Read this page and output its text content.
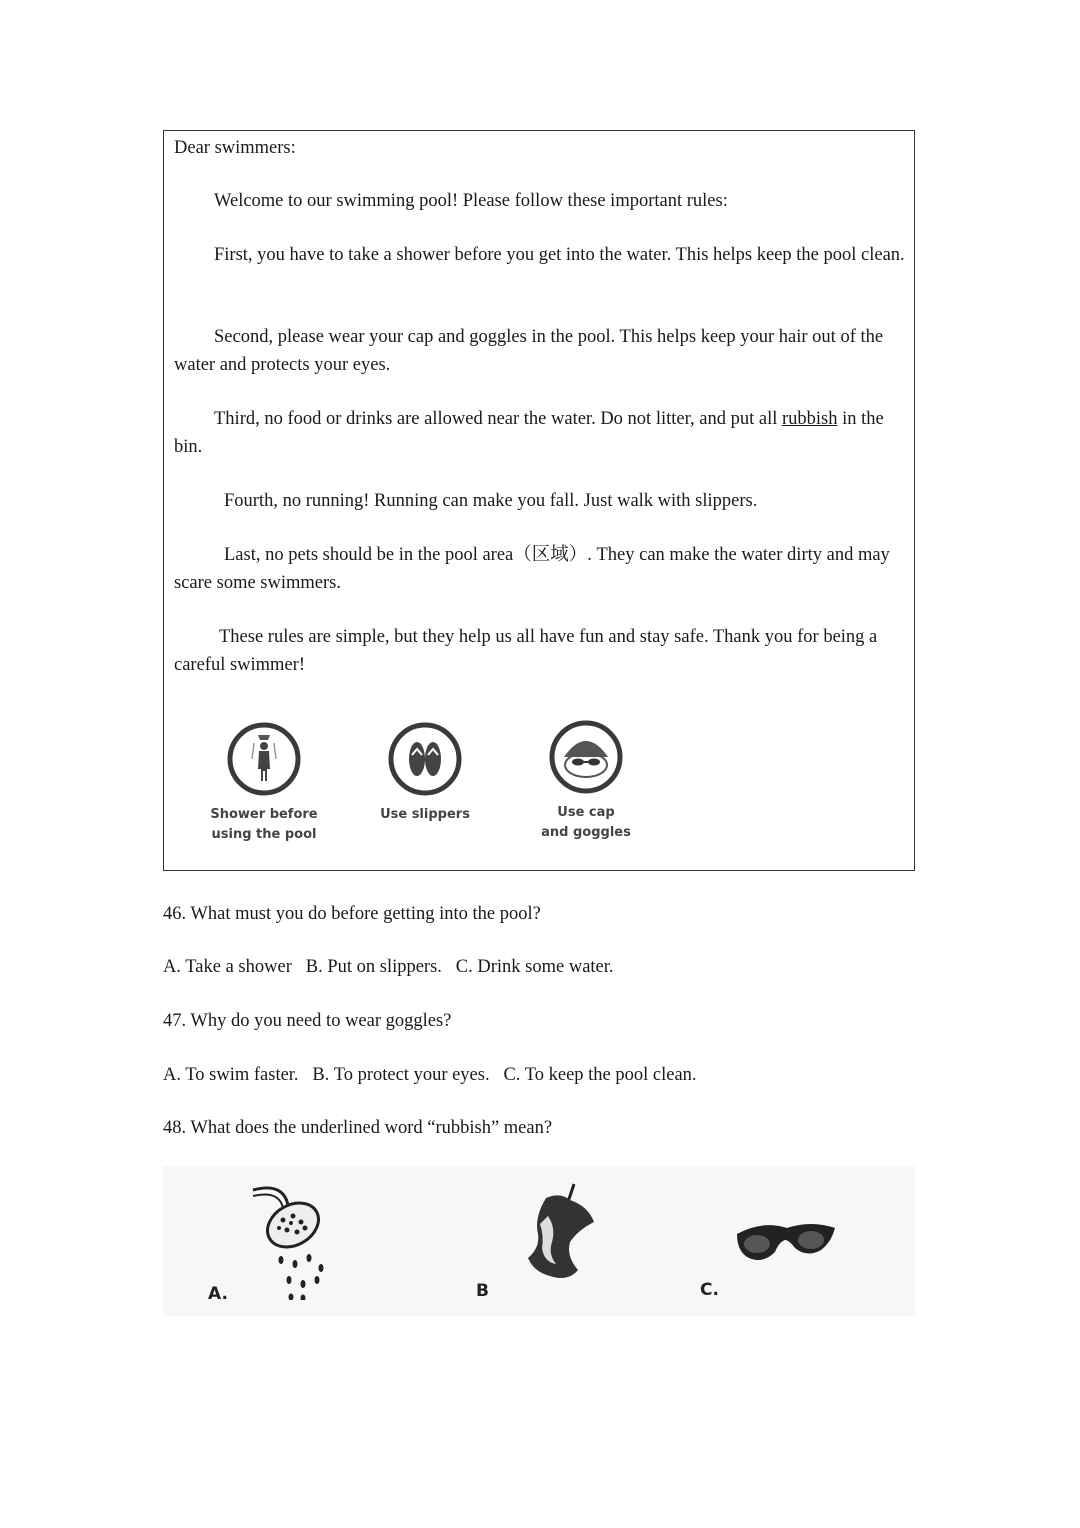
Dear swimmers:

Welcome to our swimming pool! Please follow these important rules:

First, you have to take a shower before you get into the water. This helps keep the pool clean.

Second, please wear your cap and goggles in the pool. This helps keep your hair out of the water and protects your eyes.

Third, no food or drinks are allowed near the water. Do not litter, and put all rubbish in the bin.

Fourth, no running! Running can make you fall. Just walk with slippers.

Last, no pets should be in the pool area（区域）. They can make the water dirty and may scare some swimmers.

These rules are simple, but they help us all have fun and stay safe. Thank you for being a careful swimmer!

Shower before
using the pool
Use slippers	Use cap
and goggles

46. What must you do before getting into the pool?

A. Take a shower   B. Put on slippers.   C. Drink some water.

47. Why do you need to wear goggles?

A. To swim faster.   B. To protect your eyes.   C. To keep the pool clean.

48. What does the underlined word “rubbish” mean?

A.	B	C.
